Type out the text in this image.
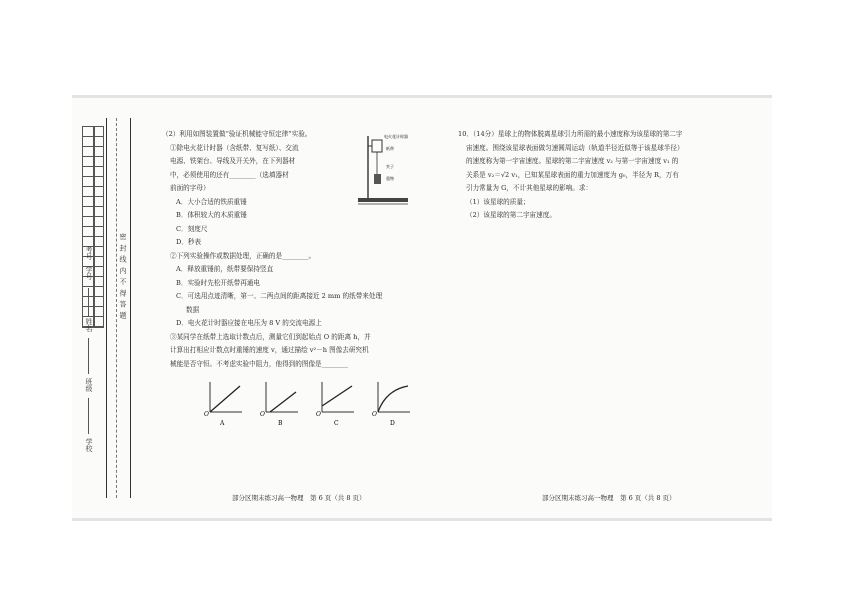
密 封 线 内 不 得 答 题
学校
班级
姓名
学号
考号

（2）利用如图装置做“验证机械能守恒定律”实验。

①除电火花计时器（含纸带、复写纸）、交流

电源、铁架台、导线及开关外，在下列器材

中，必须使用的还有________（选填器材

前面的字母）

A．大小合适的铁质重锤

B．体积较大的木质重锤

C．刻度尺

D．秒表

②下列实验操作或数据处理，正确的是________。

A．释放重锤前，纸带要保持竖直

B．实验时先松开纸带再通电

C．可选用点迹清晰，第一、二两点间的距离接近 2 mm 的纸带来处理

数据

D．电火花计时器应接在电压为 8 V 的交流电源上

③某同学在纸带上选取计数点后，测量它们到起始点 O 的距离 h，并

计算出打相应计数点时重锤的速度 v，通过描绘 v²－h 图像去研究机

械能是否守恒。不考虑实验中阻力，他得到的图像是________

电火花计时器
纸带
夹子
重物
O
A
O
B
O
C
O
D
部分区期末练习高一物理　第 6 页（共 8 页）

10．（14分）星球上的物体脱离星球引力所需的最小速度称为该星球的第二宇

宙速度。围绕该星球表面做匀速圆周运动（轨道半径近似等于该星球半径）

的速度称为第一宇宙速度。星球的第二宇宙速度 v₂ 与第一宇宙速度 v₁ 的

关系是 v₂＝√2 v₁，已知某星球表面的重力加速度为 g₀，半径为 R，万有

引力常量为 G，不计其他星球的影响。求：

（1）该星球的质量；

（2）该星球的第二宇宙速度。

部分区期末练习高一物理　第 6 页（共 8 页）
